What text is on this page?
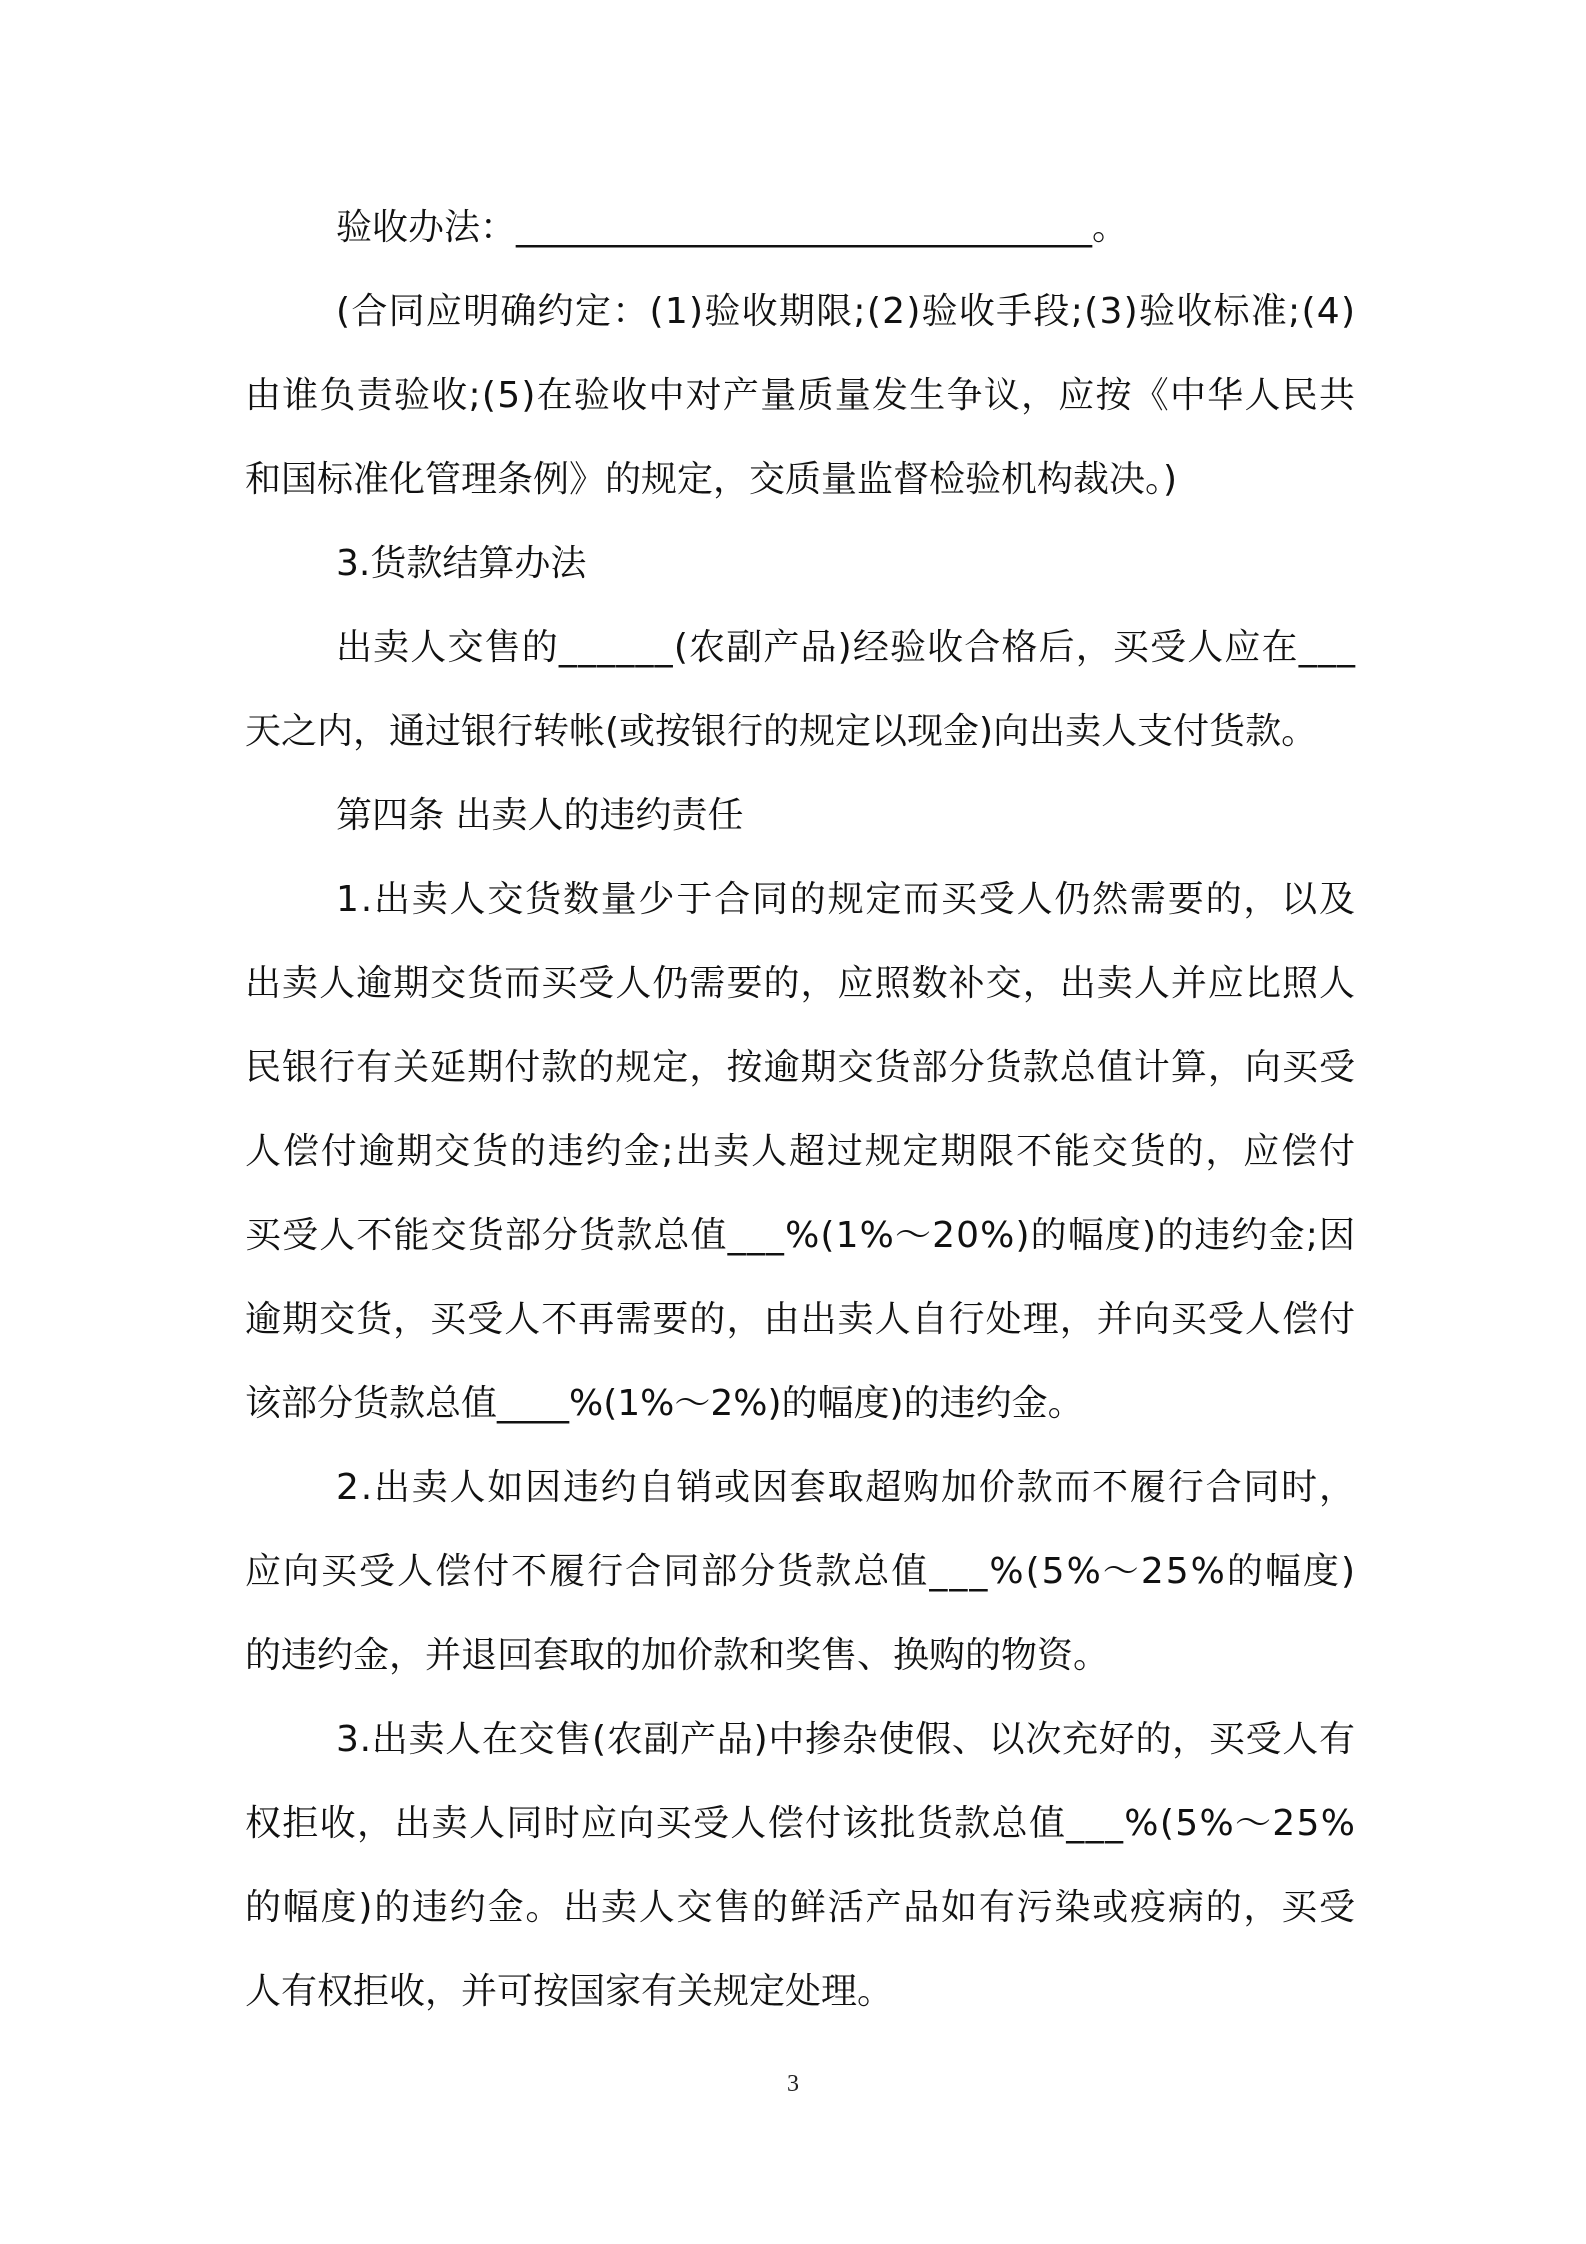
验收办法：________________________________。
(合同应明确约定：(1)验收期限;(2)验收手段;(3)验收标准;(4)
由谁负责验收;(5)在验收中对产量质量发生争议，应按《中华人民共
和国标准化管理条例》的规定，交质量监督检验机构裁决。)
3.货款结算办法
出卖人交售的______(农副产品)经验收合格后，买受人应在___
天之内，通过银行转帐(或按银行的规定以现金)向出卖人支付货款。
第四条 出卖人的违约责任
1.出卖人交货数量少于合同的规定而买受人仍然需要的，以及
出卖人逾期交货而买受人仍需要的，应照数补交，出卖人并应比照人
民银行有关延期付款的规定，按逾期交货部分货款总值计算，向买受
人偿付逾期交货的违约金;出卖人超过规定期限不能交货的，应偿付
买受人不能交货部分货款总值___%(1%～20%)的幅度)的违约金;因
逾期交货，买受人不再需要的，由出卖人自行处理，并向买受人偿付
该部分货款总值____%(1%～2%)的幅度)的违约金。
2.出卖人如因违约自销或因套取超购加价款而不履行合同时，
应向买受人偿付不履行合同部分货款总值___%(5%～25%的幅度)
的违约金，并退回套取的加价款和奖售、换购的物资。
3.出卖人在交售(农副产品)中掺杂使假、以次充好的，买受人有
权拒收，出卖人同时应向买受人偿付该批货款总值___%(5%～25%
的幅度)的违约金。出卖人交售的鲜活产品如有污染或疫病的，买受
人有权拒收，并可按国家有关规定处理。
3
